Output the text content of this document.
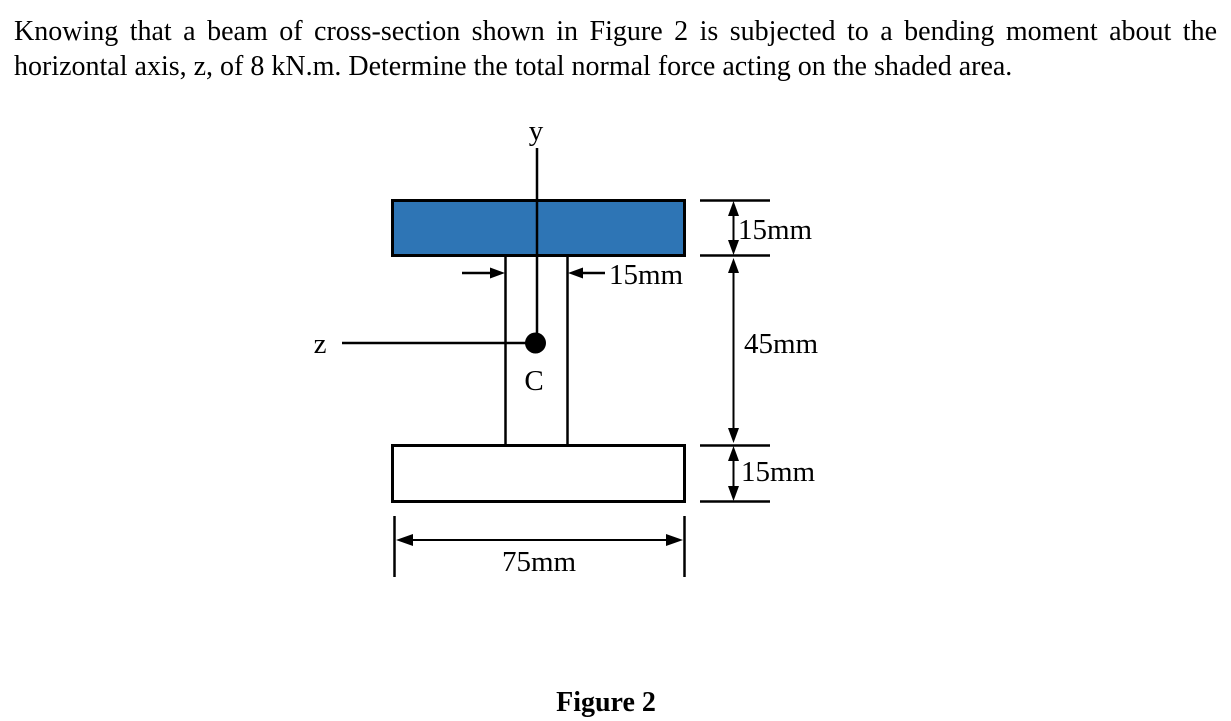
Knowing that a beam of cross-section shown in Figure 2 is subjected to a bending moment about the
horizontal axis, z, of 8 kN.m. Determine the total normal force acting on the shaded area.
y
z
C
15mm
15mm
45mm
15mm
75mm
Figure 2
